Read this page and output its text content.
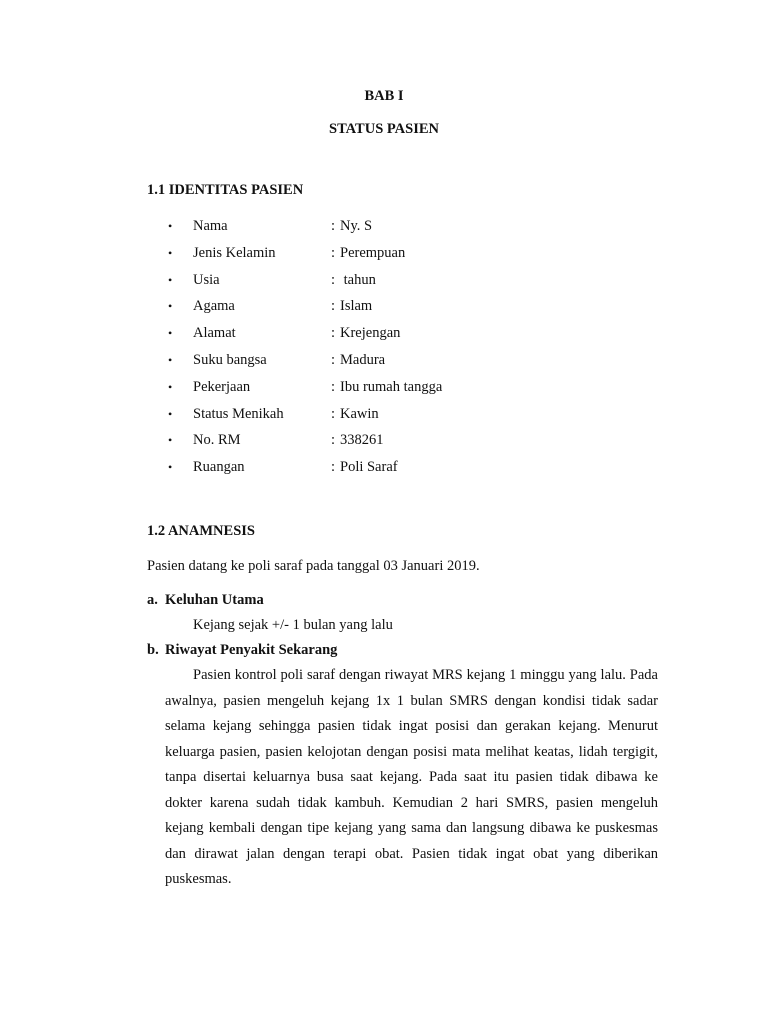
BAB I
STATUS PASIEN
1.1 IDENTITAS PASIEN
• Nama	: Ny. S
• Jenis Kelamin	: Perempuan
• Usia	: tahun
• Agama	: Islam
• Alamat	: Krejengan
• Suku bangsa	: Madura
• Pekerjaan	: Ibu rumah tangga
• Status Menikah	: Kawin
• No. RM	: 338261
• Ruangan	: Poli Saraf
1.2 ANAMNESIS
Pasien datang ke poli saraf pada tanggal 03 Januari 2019.
a. Keluhan Utama
Kejang sejak +/- 1 bulan yang lalu
b. Riwayat Penyakit Sekarang
Pasien kontrol poli saraf dengan riwayat MRS kejang 1 minggu yang lalu. Pada awalnya, pasien mengeluh kejang 1x 1 bulan SMRS dengan kondisi tidak sadar selama kejang sehingga pasien tidak ingat posisi dan gerakan kejang. Menurut keluarga pasien, pasien kelojotan dengan posisi mata melihat keatas, lidah tergigit, tanpa disertai keluarnya busa saat kejang. Pada saat itu pasien tidak dibawa ke dokter karena sudah tidak kambuh. Kemudian 2 hari SMRS, pasien mengeluh kejang kembali dengan tipe kejang yang sama dan langsung dibawa ke puskesmas dan dirawat jalan dengan terapi obat. Pasien tidak ingat obat yang diberikan puskesmas.
